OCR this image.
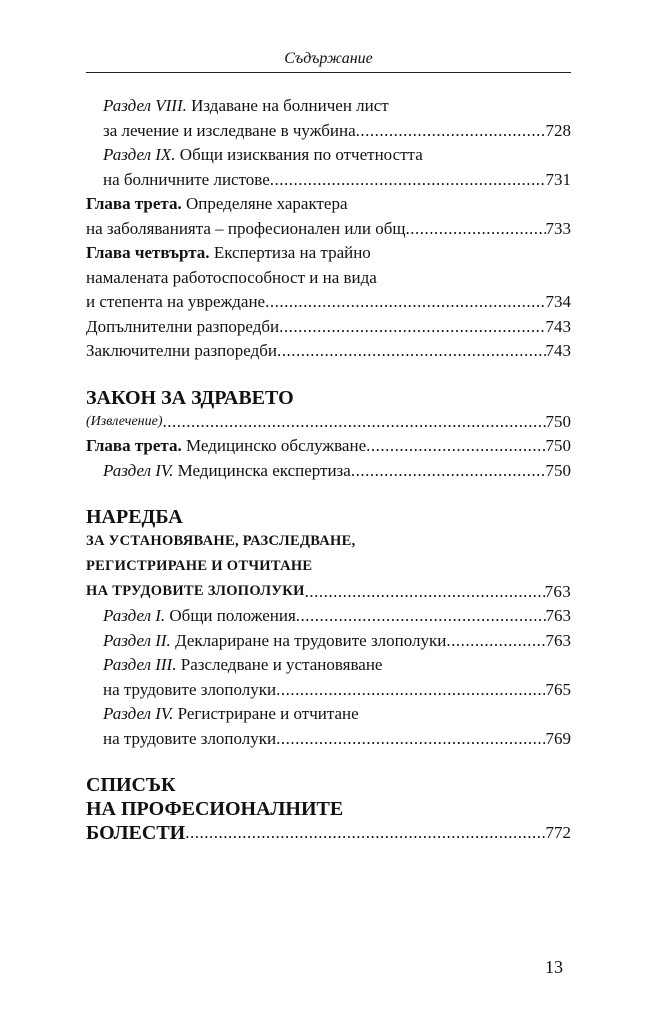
Съдържание
Раздел VIII. Издаване на болничен лист
за лечение и изследване в чужбина .....	728
Раздел IX. Общи изисквания по отчетността
на болничните листове .....	731
Глава трета. Определяне характера
на заболяванията – професионален или общ .....	733
Глава четвърта. Експертиза на трайно
намалената работоспособност и на вида
и степента на увреждане .....	734
Допълнителни разпоредби .....	743
Заключителни разпоредби .....	743
ЗАКОН ЗА ЗДРАВЕТО
(Извлечение) .....	750
Глава трета. Медицинско обслужване .....	750
Раздел IV. Медицинска експертиза .....	750
НАРЕДБА
ЗА УСТАНОВЯВАНЕ, РАЗСЛЕДВАНЕ,
РЕГИСТРИРАНЕ И ОТЧИТАНЕ
НА ТРУДОВИТЕ ЗЛОПОЛУКИ .....	763
Раздел I. Общи положения .....	763
Раздел II. Деклариране на трудовите злополуки .....	763
Раздел III. Разследване и установяване
на трудовите злополуки .....	765
Раздел IV. Регистриране и отчитане
на трудовите злополуки .....	769
СПИСЪК
НА ПРОФЕСИОНАЛНИТЕ
БОЛЕСТИ .....	772
13
